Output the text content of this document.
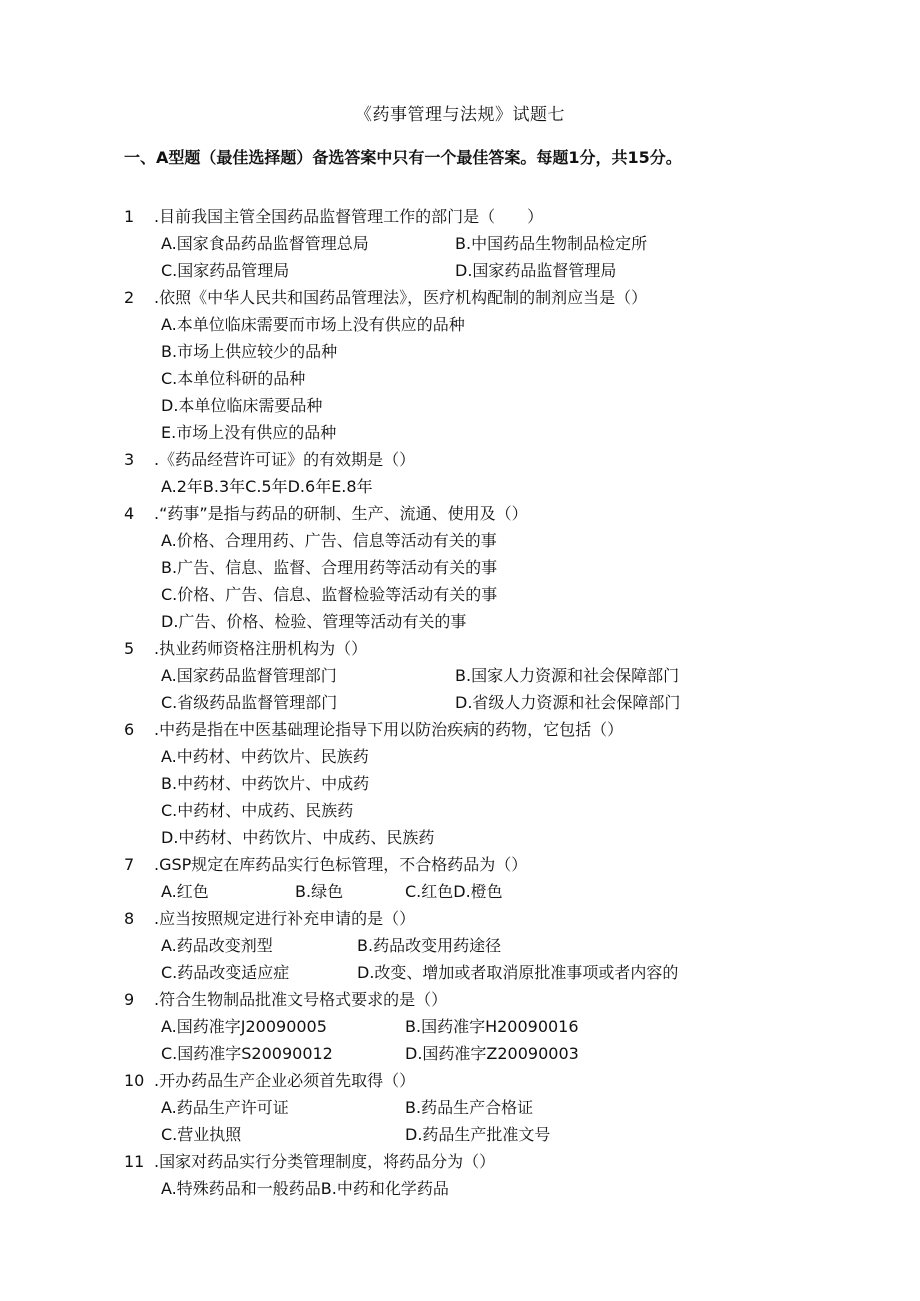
《药事管理与法规》试题七
一、A型题（最佳选择题）备选答案中只有一个最佳答案。每题1分，共15分。
1 .目前我国主管全国药品监督管理工作的部门是（　　）
A.国家食品药品监督管理总局	B.中国药品生物制品检定所
C.国家药品管理局	D.国家药品监督管理局
2 .依照《中华人民共和国药品管理法》，医疗机构配制的制剂应当是（）
A.本单位临床需要而市场上没有供应的品种
B.市场上供应较少的品种
C.本单位科研的品种
D.本单位临床需要品种
E.市场上没有供应的品种
3 .《药品经营许可证》的有效期是（）
A.2年B.3年C.5年D.6年E.8年
4 .“药事”是指与药品的研制、生产、流通、使用及（）
A.价格、合理用药、广告、信息等活动有关的事
B.广告、信息、监督、合理用药等活动有关的事
C.价格、广告、信息、监督检验等活动有关的事
D.广告、价格、检验、管理等活动有关的事
5 .执业药师资格注册机构为（）
A.国家药品监督管理部门	B.国家人力资源和社会保障部门
C.省级药品监督管理部门	D.省级人力资源和社会保障部门
6 .中药是指在中医基础理论指导下用以防治疾病的药物，它包括（）
A.中药材、中药饮片、民族药
B.中药材、中药饮片、中成药
C.中药材、中成药、民族药
D.中药材、中药饮片、中成药、民族药
7 .GSP规定在库药品实行色标管理，不合格药品为（）
A.红色	B.绿色	C.红色D.橙色
8 .应当按照规定进行补充申请的是（）
A.药品改变剂型	B.药品改变用药途径
C.药品改变适应症	D.改变、增加或者取消原批准事项或者内容的
9 .符合生物制品批准文号格式要求的是（）
A.国药准字J20090005	B.国药准字H20090016
C.国药准字S20090012	D.国药准字Z20090003
10 .开办药品生产企业必须首先取得（）
A.药品生产许可证	B.药品生产合格证
C.营业执照	D.药品生产批准文号
11 .国家对药品实行分类管理制度，将药品分为（）
A.特殊药品和一般药品B.中药和化学药品
